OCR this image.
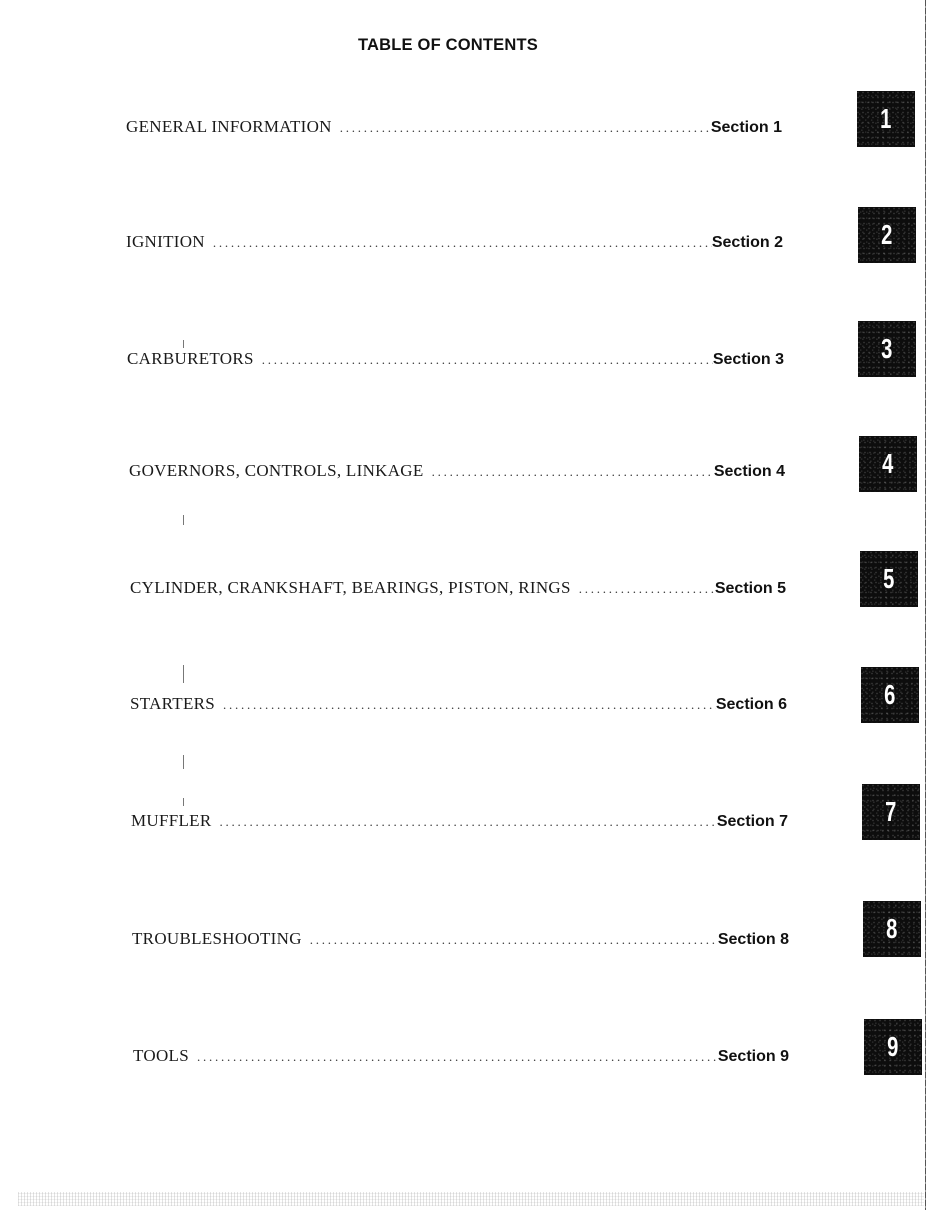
TABLE OF CONTENTS
GENERAL INFORMATION . . .	Section 1	1
IGNITION . . .	Section 2	2
CARBURETORS . . .	Section 3	3
GOVERNORS, CONTROLS, LINKAGE . . .	Section 4	4
CYLINDER, CRANKSHAFT, BEARINGS, PISTON, RINGS . . .	Section 5	5
STARTERS . . .	Section 6	6
MUFFLER . . .	Section 7	7
TROUBLESHOOTING . . .	Section 8	8
TOOLS . . .	Section 9	9
